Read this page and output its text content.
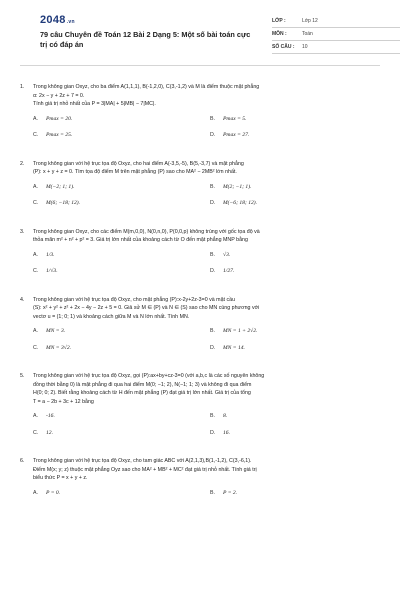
2048.vn
79 câu Chuyên đề Toán 12 Bài 2 Dạng 5: Một số bài toán cực trị có đáp án
LỚP :	Lớp 12
MÔN :	Toán
SỐ CÂU :	10
1.	Trong không gian Oxyz, cho ba điểm A(1,1,1), B(-1,2,0), C(3,-1,2) và M là điểm thuộc mặt phẳng
α: 2x − y + 2z + 7 = 0.
Tính giá trị nhỏ nhất của P = 3|MA| + 5|MB| − 7|MC|.
A.	Pmax = 20.	B.	Pmax = 5.
C.	Pmax = 25.	D.	Pmax = 27.
2.	Trong không gian với hệ trục tọa độ Oxyz, cho hai điểm A(-3,5,-5), B(5,-3,7) và mặt phẳng
(P): x + y + z = 0. Tìm tọa độ điểm M trên mặt phẳng (P) sao cho MA² − 2MB² lớn nhất.
A.	M(−2; 1; 1).	B.	M(2; −1; 1).
C.	M(6; −18; 12).	D.	M(−6; 18; 12).
3.	Trong không gian Oxyz, cho các điểm M(m,0,0), N(0,n,0), P(0,0,p) không trùng với gốc tọa độ và
thỏa mãn m² + n² + p² = 3. Giá trị lớn nhất của khoảng cách từ O đến mặt phẳng MNP bằng
A.	1/3.	B.	√3.
C.	1/√3.	D.	1/27.
4.	Trong không gian với hệ trục tọa độ Oxyz, cho mặt phẳng (P):x-2y+2z-3=0 và mặt cầu
(S): x² + y² + z² + 2x − 4y − 2z + 5 = 0. Giả sử M ∈ (P) và N ∈ (S) sao cho MN cùng phương với
vectơ u = (1; 0; 1) và khoảng cách giữa M và N lớn nhất. Tính MN.
A.	MN = 3.	B.	MN = 1 + 2√2.
C.	MN = 3√2.	D.	MN = 14.
5.	Trong không gian với hệ trục tọa độ Oxyz, gọi (P):ax+by+cz-3=0 (với a,b,c là các số nguyên không
đồng thời bằng 0) là mặt phẳng đi qua hai điểm M(0; −1; 2), N(−1; 1; 3) và không đi qua điểm
H(0; 0; 2). Biết rằng khoảng cách từ H đến mặt phẳng (P) đạt giá trị lớn nhất. Giá trị của tổng
T = a − 2b + 3c + 12 bằng
A.	-16.	B.	8.
C.	12.	D.	16.
6.	Trong không gian với hệ trục tọa độ Oxyz, cho tam giác ABC với A(2,1,3),B(1,-1,2), C(3,-6,1).
Điểm M(x; y; z) thuộc mặt phẳng Oyz sao cho MA² + MB² + MC² đạt giá trị nhỏ nhất. Tính giá trị
biểu thức P = x + y + z.
A.	P = 0.	B.	P = 2.
